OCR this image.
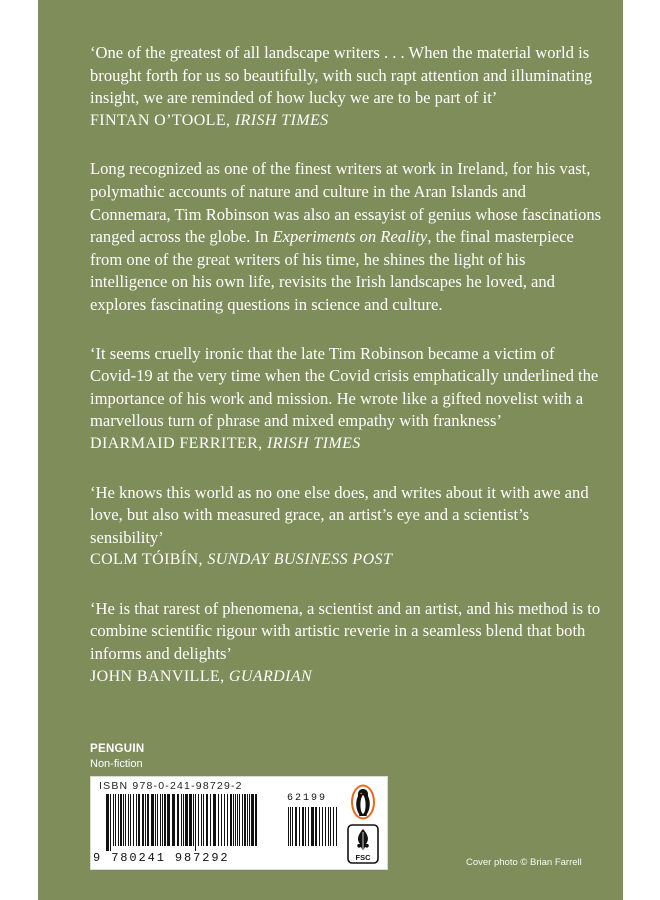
‘One of the greatest of all landscape writers . . . When the material world is brought forth for us so beautifully, with such rapt attention and illuminating insight, we are reminded of how lucky we are to be part of it’

FINTAN O’TOOLE, IRISH TIMES

Long recognized as one of the finest writers at work in Ireland, for his vast, polymathic accounts of nature and culture in the Aran Islands and Connemara, Tim Robinson was also an essayist of genius whose fascinations ranged across the globe. In Experiments on Reality, the final masterpiece from one of the great writers of his time, he shines the light of his intelligence on his own life, revisits the Irish landscapes he loved, and explores fascinating questions in science and culture.

‘It seems cruelly ironic that the late Tim Robinson became a victim of Covid-19 at the very time when the Covid crisis emphatically underlined the importance of his work and mission. He wrote like a gifted novelist with a marvellous turn of phrase and mixed empathy with frankness’

DIARMAID FERRITER, IRISH TIMES

‘He knows this world as no one else does, and writes about it with awe and love, but also with measured grace, an artist’s eye and a scientist’s sensibility’

COLM TÓIBÍN, SUNDAY BUSINESS POST

‘He is that rarest of phenomena, a scientist and an artist, and his method is to combine scientific rigour with artistic reverie in a seamless blend that both informs and delights’

JOHN BANVILLE, GUARDIAN

PENGUIN
Non-fiction
ISBN 978-0-241-98729-2
9 780241 987292
62199
FSC	Cover photo © Brian Farrell
